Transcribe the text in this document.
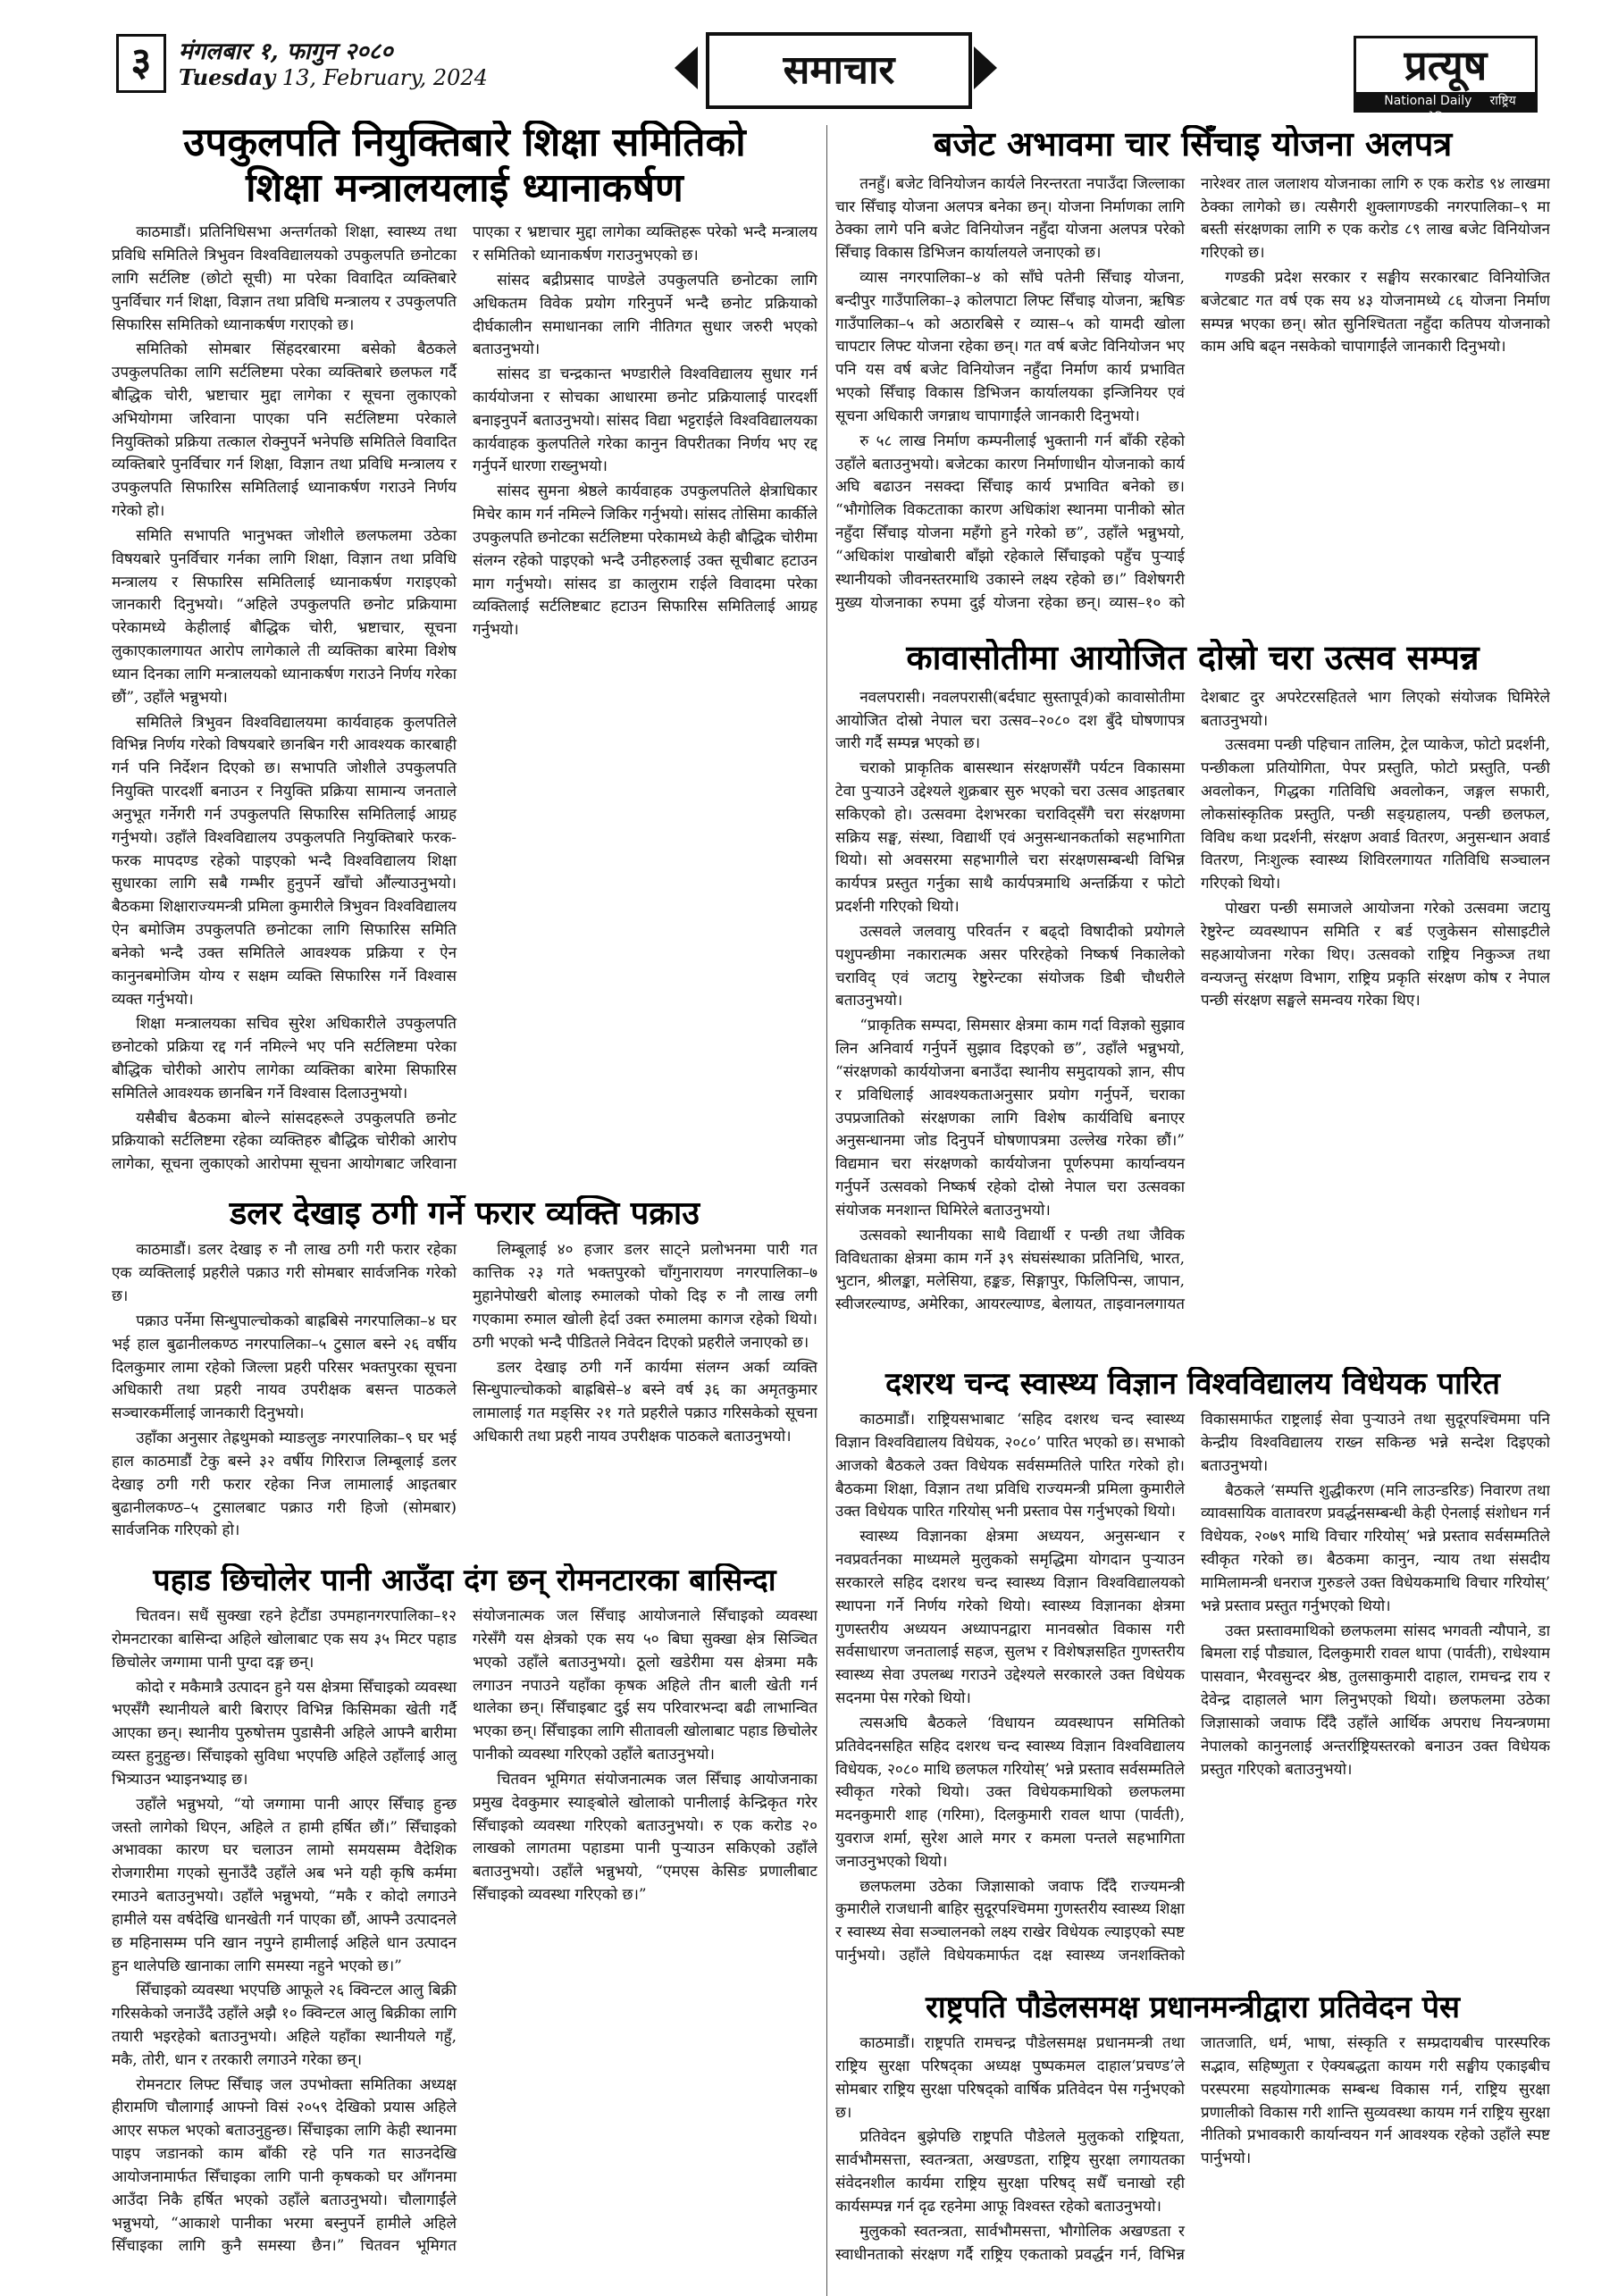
३	मंगलबार १, फागुन २०८०
Tuesday 13, February, 2024	समाचार	प्रत्यूष
National Daily राष्ट्रिय दैनिक
उपकुलपति नियुक्तिबारे शिक्षा समितिको शिक्षा मन्त्रालयलाई ध्यानाकर्षण

काठमाडौं। प्रतिनिधिसभा अन्तर्गतको शिक्षा, स्वास्थ्य तथा प्रविधि समितिले त्रिभुवन विश्वविद्यालयको उपकुलपति छनोटका लागि सर्टलिष्ट (छोटो सूची) मा परेका विवादित व्यक्तिबारे पुनर्विचार गर्न शिक्षा, विज्ञान तथा प्रविधि मन्त्रालय र उपकुलपति सिफारिस समितिको ध्यानाकर्षण गराएको छ।

समितिको सोमबार सिंहदरबारमा बसेको बैठकले उपकुलपतिका लागि सर्टलिष्टमा परेका व्यक्तिबारे छलफल गर्दै बौद्धिक चोरी, भ्रष्टाचार मुद्दा लागेका र सूचना लुकाएको अभियोगमा जरिवाना पाएका पनि सर्टलिष्टमा परेकाले नियुक्तिको प्रक्रिया तत्काल रोक्नुपर्ने भनेपछि समितिले विवादित व्यक्तिबारे पुनर्विचार गर्न शिक्षा, विज्ञान तथा प्रविधि मन्त्रालय र उपकुलपति सिफारिस समितिलाई ध्यानाकर्षण गराउने निर्णय गरेको हो।

समिति सभापति भानुभक्त जोशीले छलफलमा उठेका विषयबारे पुनर्विचार गर्नका लागि शिक्षा, विज्ञान तथा प्रविधि मन्त्रालय र सिफारिस समितिलाई ध्यानाकर्षण गराइएको जानकारी दिनुभयो। “अहिले उपकुलपति छनोट प्रक्रियामा परेकामध्ये केहीलाई बौद्धिक चोरी, भ्रष्टाचार, सूचना लुकाएकालगायत आरोप लागेकाले ती व्यक्तिका बारेमा विशेष ध्यान दिनका लागि मन्त्रालयको ध्यानाकर्षण गराउने निर्णय गरेका छौं”, उहाँले भन्नुभयो।

समितिले त्रिभुवन विश्वविद्यालयमा कार्यवाहक कुलपतिले विभिन्न निर्णय गरेको विषयबारे छानबिन गरी आवश्यक कारबाही गर्न पनि निर्देशन दिएको छ। सभापति जोशीले उपकुलपति नियुक्ति पारदर्शी बनाउन र नियुक्ति प्रक्रिया सामान्य जनताले अनुभूत गर्नेगरी गर्न उपकुलपति सिफारिस समितिलाई आग्रह गर्नुभयो। उहाँले विश्वविद्यालय उपकुलपति नियुक्तिबारे फरक-फरक मापदण्ड रहेको पाइएको भन्दै विश्वविद्यालय शिक्षा सुधारका लागि सबै गम्भीर हुनुपर्ने खाँचो औंल्याउनुभयो। बैठकमा शिक्षाराज्यमन्त्री प्रमिला कुमारीले त्रिभुवन विश्वविद्यालय ऐन बमोजिम उपकुलपति छनोटका लागि सिफारिस समिति बनेको भन्दै उक्त समितिले आवश्यक प्रक्रिया र ऐन कानुनबमोजिम योग्य र सक्षम व्यक्ति सिफारिस गर्ने विश्वास व्यक्त गर्नुभयो।

शिक्षा मन्त्रालयका सचिव सुरेश अधिकारीले उपकुलपति छनोटको प्रक्रिया रद्द गर्न नमिल्ने भए पनि सर्टलिष्टमा परेका बौद्धिक चोरीको आरोप लागेका व्यक्तिका बारेमा सिफारिस समितिले आवश्यक छानबिन गर्ने विश्वास दिलाउनुभयो।

यसैबीच बैठकमा बोल्ने सांसदहरूले उपकुलपति छनोट प्रक्रियाको सर्टलिष्टमा रहेका व्यक्तिहरु बौद्धिक चोरीको आरोप लागेका, सूचना लुकाएको आरोपमा सूचना आयोगबाट जरिवाना पाएका र भ्रष्टाचार मुद्दा लागेका व्यक्तिहरू परेको भन्दै मन्त्रालय र समितिको ध्यानाकर्षण गराउनुभएको छ।

सांसद बद्रीप्रसाद पाण्डेले उपकुलपति छनोटका लागि अधिकतम विवेक प्रयोग गरिनुपर्ने भन्दै छनोट प्रक्रियाको दीर्घकालीन समाधानका लागि नीतिगत सुधार जरुरी भएको बताउनुभयो।

सांसद डा चन्द्रकान्त भण्डारीले विश्वविद्यालय सुधार गर्न कार्ययोजना र सोचका आधारमा छनोट प्रक्रियालाई पारदर्शी बनाइनुपर्ने बताउनुभयो। सांसद विद्या भट्टराईले विश्वविद्यालयका कार्यवाहक कुलपतिले गरेका कानुन विपरीतका निर्णय भए रद्द गर्नुपर्ने धारणा राख्नुभयो।

सांसद सुमना श्रेष्ठले कार्यवाहक उपकुलपतिले क्षेत्राधिकार मिचेर काम गर्न नमिल्ने जिकिर गर्नुभयो। सांसद तोसिमा कार्कीले उपकुलपति छनोटका सर्टलिष्टमा परेकामध्ये केही बौद्धिक चोरीमा संलग्न रहेको पाइएको भन्दै उनीहरुलाई उक्त सूचीबाट हटाउन माग गर्नुभयो। सांसद डा कालुराम राईले विवादमा परेका व्यक्तिलाई सर्टलिष्टबाट हटाउन सिफारिस समितिलाई आग्रह गर्नुभयो।

बजेट अभावमा चार सिँचाइ योजना अलपत्र

तनहुँ। बजेट विनियोजन कार्यले निरन्तरता नपाउँदा जिल्लाका चार सिँचाइ योजना अलपत्र बनेका छन्। योजना निर्माणका लागि ठेक्का लागे पनि बजेट विनियोजन नहुँदा योजना अलपत्र परेको सिँचाइ विकास डिभिजन कार्यालयले जनाएको छ।

व्यास नगरपालिका–४ को साँघे पतेनी सिँचाइ योजना, बन्दीपुर गाउँपालिका–३ कोलपाटा लिफ्ट सिँचाइ योजना, ऋषिङ गाउँपालिका–५ को अठारबिसे र व्यास–५ को यामदी खोला चापटार लिफ्ट योजना रहेका छन्। गत वर्ष बजेट विनियोजन भए पनि यस वर्ष बजेट विनियोजन नहुँदा निर्माण कार्य प्रभावित भएको सिँचाइ विकास डिभिजन कार्यालयका इन्जिनियर एवं सूचना अधिकारी जगन्नाथ चापागाईंले जानकारी दिनुभयो।

रु ५८ लाख निर्माण कम्पनीलाई भुक्तानी गर्न बाँकी रहेको उहाँले बताउनुभयो। बजेटका कारण निर्माणाधीन योजनाको कार्य अघि बढाउन नसक्दा सिँचाइ कार्य प्रभावित बनेको छ। “भौगोलिक विकटताका कारण अधिकांश स्थानमा पानीको स्रोत नहुँदा सिँचाइ योजना महँगो हुने गरेको छ”, उहाँले भन्नुभयो, “अधिकांश पाखोबारी बाँझो रहेकाले सिँचाइको पहुँच पुऱ्याई स्थानीयको जीवनस्तरमाथि उकास्ने लक्ष्य रहेको छ।” विशेषगरी मुख्य योजनाका रुपमा दुई योजना रहेका छन्। व्यास–१० को नारेश्वर ताल जलाशय योजनाका लागि रु एक करोड ९४ लाखमा ठेक्का लागेको छ। त्यसैगरी शुक्लागण्डकी नगरपालिका–९ मा बस्ती संरक्षणका लागि रु एक करोड ८९ लाख बजेट विनियोजन गरिएको छ।

गण्डकी प्रदेश सरकार र सङ्घीय सरकारबाट विनियोजित बजेटबाट गत वर्ष एक सय ४३ योजनामध्ये ८६ योजना निर्माण सम्पन्न भएका छन्। स्रोत सुनिश्चितता नहुँदा कतिपय योजनाको काम अघि बढ्न नसकेको चापागाईंले जानकारी दिनुभयो।

कावासोतीमा आयोजित दोस्रो चरा उत्सव सम्पन्न

नवलपरासी। नवलपरासी(बर्दघाट सुस्तापूर्व)को कावासोतीमा आयोजित दोस्रो नेपाल चरा उत्सव–२०८० दश बुँदे घोषणापत्र जारी गर्दै सम्पन्न भएको छ।

चराको प्राकृतिक बासस्थान संरक्षणसँगै पर्यटन विकासमा टेवा पुऱ्याउने उद्देश्यले शुक्रबार सुरु भएको चरा उत्सव आइतबार सकिएको हो। उत्सवमा देशभरका चराविद्सँगै चरा संरक्षणमा सक्रिय सङ्घ, संस्था, विद्यार्थी एवं अनुसन्धानकर्ताको सहभागिता थियो। सो अवसरमा सहभागीले चरा संरक्षणसम्बन्धी विभिन्न कार्यपत्र प्रस्तुत गर्नुका साथै कार्यपत्रमाथि अन्तर्क्रिया र फोटो प्रदर्शनी गरिएको थियो।

उत्सवले जलवायु परिवर्तन र बढ्दो विषादीको प्रयोगले पशुपन्छीमा नकारात्मक असर परिरहेको निष्कर्ष निकालेको चराविद् एवं जटायु रेष्टुरेन्टका संयोजक डिबी चौधरीले बताउनुभयो।

“प्राकृतिक सम्पदा, सिमसार क्षेत्रमा काम गर्दा विज्ञको सुझाव लिन अनिवार्य गर्नुपर्ने सुझाव दिइएको छ”, उहाँले भन्नुभयो, “संरक्षणको कार्ययोजना बनाउँदा स्थानीय समुदायको ज्ञान, सीप र प्रविधिलाई आवश्यकताअनुसार प्रयोग गर्नुपर्ने, चराका उपप्रजातिको संरक्षणका लागि विशेष कार्यविधि बनाएर अनुसन्धानमा जोड दिनुपर्ने घोषणापत्रमा उल्लेख गरेका छौं।” विद्यमान चरा संरक्षणको कार्ययोजना पूर्णरुपमा कार्यान्वयन गर्नुपर्ने उत्सवको निष्कर्ष रहेको दोस्रो नेपाल चरा उत्सवका संयोजक मनशान्त घिमिरेले बताउनुभयो।

उत्सवको स्थानीयका साथै विद्यार्थी र पन्छी तथा जैविक विविधताका क्षेत्रमा काम गर्ने ३९ संघसंस्थाका प्रतिनिधि, भारत, भुटान, श्रीलङ्का, मलेसिया, हङ्कङ, सिङ्गापुर, फिलिपिन्स, जापान, स्वीजरल्याण्ड, अमेरिका, आयरल्याण्ड, बेलायत, ताइवानलगायत देशबाट दुर अपरेटरसहितले भाग लिएको संयोजक घिमिरेले बताउनुभयो।

उत्सवमा पन्छी पहिचान तालिम, ट्रेल प्याकेज, फोटो प्रदर्शनी, पन्छीकला प्रतियोगिता, पेपर प्रस्तुति, फोटो प्रस्तुति, पन्छी अवलोकन, गिद्धका गतिविधि अवलोकन, जङ्गल सफारी, लोकसांस्कृतिक प्रस्तुति, पन्छी सङ्ग्रहालय, पन्छी छलफल, विविध कथा प्रदर्शनी, संरक्षण अवार्ड वितरण, अनुसन्धान अवार्ड वितरण, निःशुल्क स्वास्थ्य शिविरलगायत गतिविधि सञ्चालन गरिएको थियो।

पोखरा पन्छी समाजले आयोजना गरेको उत्सवमा जटायु रेष्टुरेन्ट व्यवस्थापन समिति र बर्ड एजुकेसन सोसाइटीले सहआयोजना गरेका थिए। उत्सवको राष्ट्रिय निकुञ्ज तथा वन्यजन्तु संरक्षण विभाग, राष्ट्रिय प्रकृति संरक्षण कोष र नेपाल पन्छी संरक्षण सङ्घले समन्वय गरेका थिए।

डलर देखाइ ठगी गर्ने फरार व्यक्ति पक्राउ

काठमाडौं। डलर देखाइ रु नौ लाख ठगी गरी फरार रहेका एक व्यक्तिलाई प्रहरीले पक्राउ गरी सोमबार सार्वजनिक गरेको छ।

पक्राउ पर्नेमा सिन्धुपाल्चोकको बाह्रबिसे नगरपालिका–४ घर भई हाल बुढानीलकण्ठ नगरपालिका–५ टुसाल बस्ने २६ वर्षीय दिलकुमार लामा रहेको जिल्ला प्रहरी परिसर भक्तपुरका सूचना अधिकारी तथा प्रहरी नायव उपरीक्षक बसन्त पाठकले सञ्चारकर्मीलाई जानकारी दिनुभयो।

उहाँका अनुसार तेह्रथुमको म्याङलुङ नगरपालिका–९ घर भई हाल काठमाडौं टेकु बस्ने ३२ वर्षीय गिरिराज लिम्बूलाई डलर देखाइ ठगी गरी फरार रहेका निज लामालाई आइतबार बुढानीलकण्ठ–५ टुसालबाट पक्राउ गरी हिजो (सोमबार) सार्वजनिक गरिएको हो।

लिम्बूलाई ४० हजार डलर साट्ने प्रलोभनमा पारी गत कात्तिक २३ गते भक्तपुरको चाँगुनारायण नगरपालिका–७ मुहानेपोखरी बोलाइ रुमालको पोको दिइ रु नौ लाख लगी गएकामा रुमाल खोली हेर्दा उक्त रुमालमा कागज रहेको थियो। ठगी भएको भन्दै पीडितले निवेदन दिएको प्रहरीले जनाएको छ।

डलर देखाइ ठगी गर्ने कार्यमा संलग्न अर्का व्यक्ति सिन्धुपाल्चोकको बाह्रबिसे–४ बस्ने वर्ष ३६ का अमृतकुमार लामालाई गत मङ्सिर २१ गते प्रहरीले पक्राउ गरिसकेको सूचना अधिकारी तथा प्रहरी नायव उपरीक्षक पाठकले बताउनुभयो।

दशरथ चन्द स्वास्थ्य विज्ञान विश्वविद्यालय विधेयक पारित

काठमाडौं। राष्ट्रियसभाबाट ‘सहिद दशरथ चन्द स्वास्थ्य विज्ञान विश्वविद्यालय विधेयक, २०८०’ पारित भएको छ। सभाको आजको बैठकले उक्त विधेयक सर्वसम्मतिले पारित गरेको हो। बैठकमा शिक्षा, विज्ञान तथा प्रविधि राज्यमन्त्री प्रमिला कुमारीले उक्त विधेयक पारित गरियोस् भनी प्रस्ताव पेस गर्नुभएको थियो।

स्वास्थ्य विज्ञानका क्षेत्रमा अध्ययन, अनुसन्धान र नवप्रवर्तनका माध्यमले मुलुकको समृद्धिमा योगदान पुऱ्याउन सरकारले सहिद दशरथ चन्द स्वास्थ्य विज्ञान विश्वविद्यालयको स्थापना गर्ने निर्णय गरेको थियो। स्वास्थ्य विज्ञानका क्षेत्रमा गुणस्तरीय अध्ययन अध्यापनद्वारा मानवस्रोत विकास गरी सर्वसाधारण जनतालाई सहज, सुलभ र विशेषज्ञसहित गुणस्तरीय स्वास्थ्य सेवा उपलब्ध गराउने उद्देश्यले सरकारले उक्त विधेयक सदनमा पेस गरेको थियो।

त्यसअघि बैठकले ‘विधायन व्यवस्थापन समितिको प्रतिवेदनसहित सहिद दशरथ चन्द स्वास्थ्य विज्ञान विश्वविद्यालय विधेयक, २०८० माथि छलफल गरियोस्’ भन्ने प्रस्ताव सर्वसम्मतिले स्वीकृत गरेको थियो। उक्त विधेयकमाथिको छलफलमा मदनकुमारी शाह (गरिमा), दिलकुमारी रावल थापा (पार्वती), युवराज शर्मा, सुरेश आले मगर र कमला पन्तले सहभागिता जनाउनुभएको थियो।

छलफलमा उठेका जिज्ञासाको जवाफ दिँदै राज्यमन्त्री कुमारीले राजधानी बाहिर सुदूरपश्चिममा गुणस्तरीय स्वास्थ्य शिक्षा र स्वास्थ्य सेवा सञ्चालनको लक्ष्य राखेर विधेयक ल्याइएको स्पष्ट पार्नुभयो। उहाँले विधेयकमार्फत दक्ष स्वास्थ्य जनशक्तिको विकासमार्फत राष्ट्रलाई सेवा पुऱ्याउने तथा सुदूरपश्चिममा पनि केन्द्रीय विश्वविद्यालय राख्न सकिन्छ भन्ने सन्देश दिइएको बताउनुभयो।

बैठकले ‘सम्पत्ति शुद्धीकरण (मनि लाउन्डरिङ) निवारण तथा व्यावसायिक वातावरण प्रवर्द्धनसम्बन्धी केही ऐनलाई संशोधन गर्न विधेयक, २०७९ माथि विचार गरियोस्’ भन्ने प्रस्ताव सर्वसम्मतिले स्वीकृत गरेको छ। बैठकमा कानुन, न्याय तथा संसदीय मामिलामन्त्री धनराज गुरुङले उक्त विधेयकमाथि विचार गरियोस्’ भन्ने प्रस्ताव प्रस्तुत गर्नुभएको थियो।

उक्त प्रस्तावमाथिको छलफलमा सांसद भगवती न्यौपाने, डा बिमला राई पौड्याल, दिलकुमारी रावल थापा (पार्वती), राधेश्याम पासवान, भैरवसुन्दर श्रेष्ठ, तुलसाकुमारी दाहाल, रामचन्द्र राय र देवेन्द्र दाहालले भाग लिनुभएको थियो। छलफलमा उठेका जिज्ञासाको जवाफ दिँदै उहाँले आर्थिक अपराध नियन्त्रणमा नेपालको कानुनलाई अन्तर्राष्ट्रियस्तरको बनाउन उक्त विधेयक प्रस्तुत गरिएको बताउनुभयो।

पहाड छिचोलेर पानी आउँदा दंग छन् रोमनटारका बासिन्दा

चितवन। सधैं सुक्खा रहने हेटौंडा उपमहानगरपालिका–१२ रोमनटारका बासिन्दा अहिले खोलाबाट एक सय ३५ मिटर पहाड छिचोलेर जग्गामा पानी पुग्दा दङ्ग छन्।

कोदो र मकैमात्रै उत्पादन हुने यस क्षेत्रमा सिँचाइको व्यवस्था भएसँगै स्थानीयले बारी बिराएर विभिन्न किसिमका खेती गर्दै आएका छन्। स्थानीय पुरुषोत्तम पुडासैनी अहिले आफ्नै बारीमा व्यस्त हुनुहुन्छ। सिँचाइको सुविधा भएपछि अहिले उहाँलाई आलु भित्र्याउन भ्याइनभ्याइ छ।

उहाँले भन्नुभयो, “यो जग्गामा पानी आएर सिँचाइ हुन्छ जस्तो लागेको थिएन, अहिले त हामी हर्षित छौं।” सिँचाइको अभावका कारण घर चलाउन लामो समयसम्म वैदेशिक रोजगारीमा गएको सुनाउँदै उहाँले अब भने यही कृषि कर्ममा रमाउने बताउनुभयो। उहाँले भन्नुभयो, “मकै र कोदो लगाउने हामीले यस वर्षदेखि धानखेती गर्न पाएका छौं, आफ्नै उत्पादनले छ महिनासम्म पनि खान नपुग्ने हामीलाई अहिले धान उत्पादन हुन थालेपछि खानाका लागि समस्या नहुने भएको छ।”

सिँचाइको व्यवस्था भएपछि आफूले २६ क्विन्टल आलु बिक्री गरिसकेको जनाउँदै उहाँले अझै १० क्विन्टल आलु बिक्रीका लागि तयारी भइरहेको बताउनुभयो। अहिले यहाँका स्थानीयले गहुँ, मकै, तोरी, धान र तरकारी लगाउने गरेका छन्।

रोमनटार लिफ्ट सिँचाइ जल उपभोक्ता समितिका अध्यक्ष हीरामणि चौलागाईं आफ्नो विसं २०५९ देखिको प्रयास अहिले आएर सफल भएको बताउनुहुन्छ। सिँचाइका लागि केही स्थानमा पाइप जडानको काम बाँकी रहे पनि गत साउनदेखि आयोजनामार्फत सिँचाइका लागि पानी कृषकको घर आँगनमा आउँदा निकै हर्षित भएको उहाँले बताउनुभयो। चौलागाईंले भन्नुभयो, “आकाशे पानीका भरमा बस्नुपर्ने हामीले अहिले सिँचाइका लागि कुनै समस्या छैन।” चितवन भूमिगत संयोजनात्मक जल सिँचाइ आयोजनाले सिँचाइको व्यवस्था गरेसँगै यस क्षेत्रको एक सय ५० बिघा सुक्खा क्षेत्र सिञ्चित भएको उहाँले बताउनुभयो। ठूलो खडेरीमा यस क्षेत्रमा मकै लगाउन नपाउने यहाँका कृषक अहिले तीन बाली खेती गर्न थालेका छन्। सिँचाइबाट दुई सय परिवारभन्दा बढी लाभान्वित भएका छन्। सिँचाइका लागि सीतावली खोलाबाट पहाड छिचोलेर पानीको व्यवस्था गरिएको उहाँले बताउनुभयो।

चितवन भूमिगत संयोजनात्मक जल सिँचाइ आयोजनाका प्रमुख देवकुमार स्याङ्बोले खोलाको पानीलाई केन्द्रिकृत गरेर सिँचाइको व्यवस्था गरिएको बताउनुभयो। रु एक करोड २० लाखको लागतमा पहाडमा पानी पुऱ्याउन सकिएको उहाँले बताउनुभयो। उहाँले भन्नुभयो, “एमएस केसिङ प्रणालीबाट सिँचाइको व्यवस्था गरिएको छ।”

राष्ट्रपति पौडेलसमक्ष प्रधानमन्त्रीद्वारा प्रतिवेदन पेस

काठमाडौं। राष्ट्रपति रामचन्द्र पौडेलसमक्ष प्रधानमन्त्री तथा राष्ट्रिय सुरक्षा परिषद्का अध्यक्ष पुष्पकमल दाहाल‘प्रचण्ड’ले सोमबार राष्ट्रिय सुरक्षा परिषद्को वार्षिक प्रतिवेदन पेस गर्नुभएको छ।

प्रतिवेदन बुझेपछि राष्ट्रपति पौडेलले मुलुकको राष्ट्रियता, सार्वभौमसत्ता, स्वतन्त्रता, अखण्डता, राष्ट्रिय सुरक्षा लगायतका संवेदनशील कार्यमा राष्ट्रिय सुरक्षा परिषद् सधैँ चनाखो रही कार्यसम्पन्न गर्न दृढ रहनेमा आफू विश्वस्त रहेको बताउनुभयो।

मुलुकको स्वतन्त्रता, सार्वभौमसत्ता, भौगोलिक अखण्डता र स्वाधीनताको संरक्षण गर्दै राष्ट्रिय एकताको प्रवर्द्धन गर्न, विभिन्न जातजाति, धर्म, भाषा, संस्कृति र सम्प्रदायबीच पारस्परिक सद्भाव, सहिष्णुता र ऐक्यबद्धता कायम गरी सङ्घीय एकाइबीच परस्परमा सहयोगात्मक सम्बन्ध विकास गर्न, राष्ट्रिय सुरक्षा प्रणालीको विकास गरी शान्ति सुव्यवस्था कायम गर्न राष्ट्रिय सुरक्षा नीतिको प्रभावकारी कार्यान्वयन गर्न आवश्यक रहेको उहाँले स्पष्ट पार्नुभयो।
